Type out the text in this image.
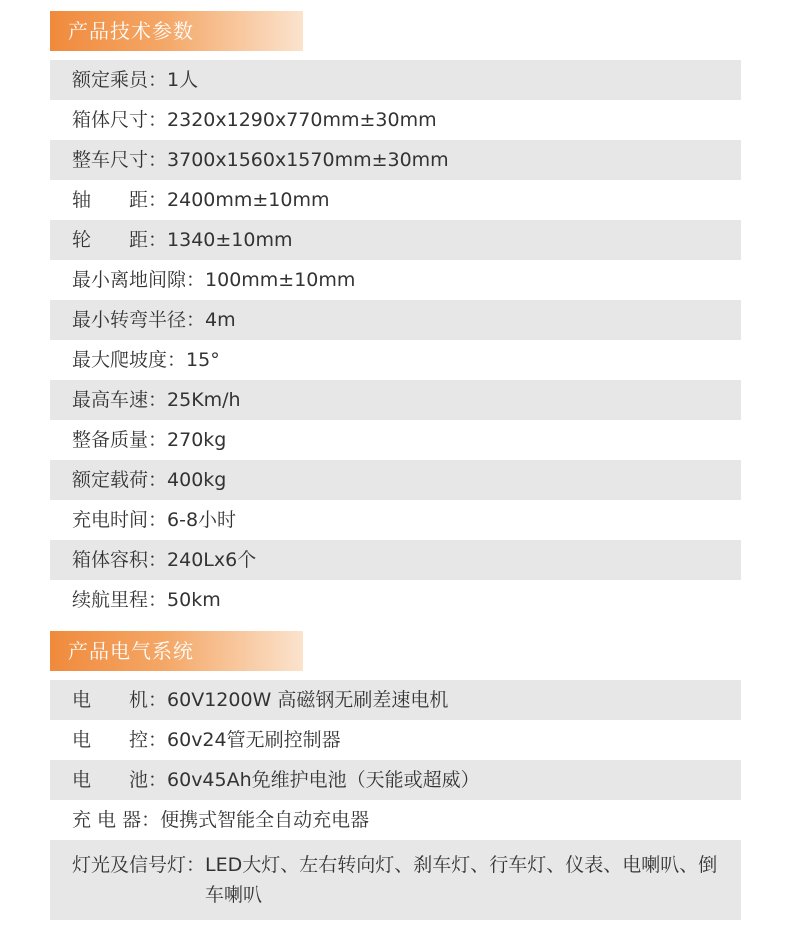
产品技术参数
额定乘员：1人
箱体尺寸：2320x1290x770mm±30mm
整车尺寸：3700x1560x1570mm±30mm
轴　　距：2400mm±10mm
轮　　距：1340±10mm
最小离地间隙：100mm±10mm
最小转弯半径：4m
最大爬坡度：15°
最高车速：25Km/h
整备质量：270kg
额定载荷：400kg
充电时间：6-8小时
箱体容积：240Lx6个
续航里程：50km
产品电气系统
电　　机：60V1200W 高磁钢无刷差速电机
电　　控：60v24管无刷控制器
电　　池：60v45Ah免维护电池（天能或超威）
充 电 器：便携式智能全自动充电器
灯光及信号灯： LED大灯、左右转向灯、刹车灯、行车灯、仪表、电喇叭、倒车喇叭
